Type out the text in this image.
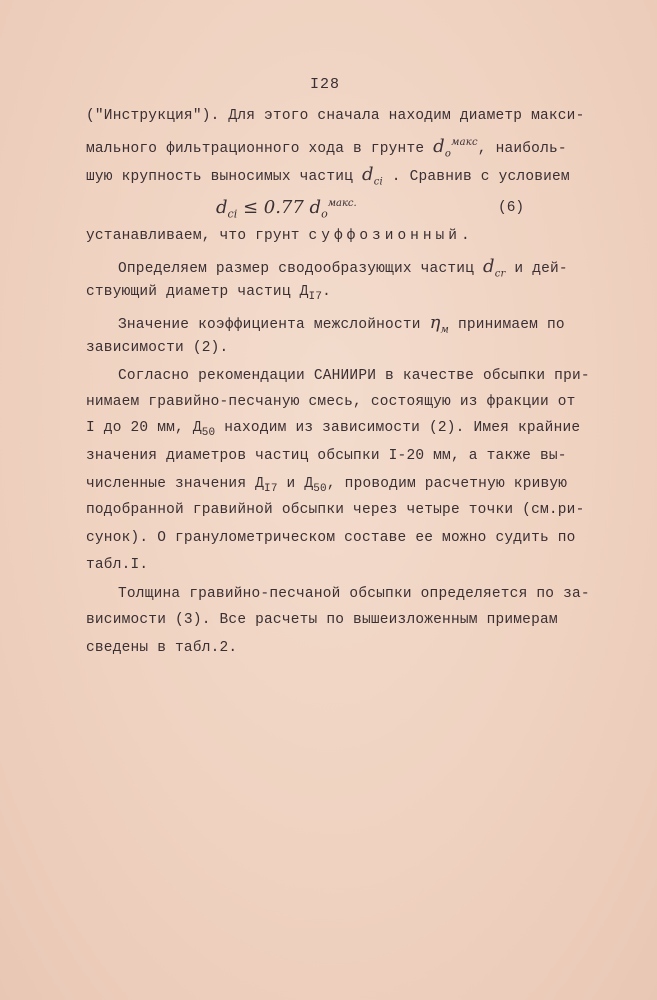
I28
("Инструкция"). Для этого сначала находим диаметр макси-
мального фильтрационного хода в грунте $d_o^{макс}$, наиболь-
шую крупность выносимых частиц $d_{ci}$ . Сравнив с условием
$d_{ci} \le 0.77$ $d_o^{макс.}$	(6)
устанавливаем, что грунт суффозионный.
Определяем размер сводообразующих частиц $d_{cr}$ и дей-
ствующий диаметр частиц $Д_{I7}$.
Значение коэффициента межслойности $\eta_м$ принимаем по
зависимости (2).
Согласно рекомендации САНИИРИ в качестве обсыпки при-
нимаем гравийно-песчаную смесь, состоящую из фракции от
I до 20 мм, $Д_{50}$ находим из зависимости (2). Имея крайние
значения диаметров частиц обсыпки I-20 мм, а также вы-
численные значения $Д_{I7}$ и $Д_{50}$, проводим расчетную кривую
подобранной гравийной обсыпки через четыре точки (см.ри-
сунок). О гранулометрическом составе ее можно судить по
табл.I.
Толщина гравийно-песчаной обсыпки определяется по за-
висимости (3). Все расчеты по вышеизложенным примерам
сведены в табл.2.
